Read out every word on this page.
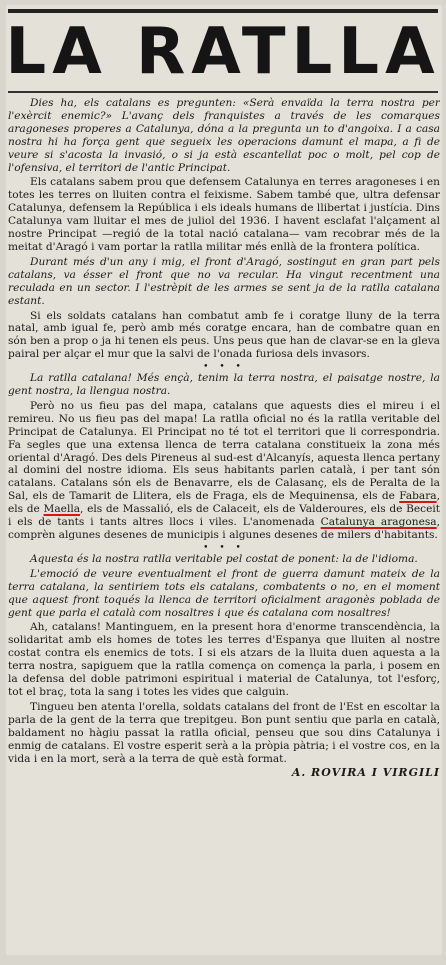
LA RATLLA

Dies ha, els catalans es pregunten: «Serà envaïda la terra nostra per l'exèrcit enemic?» L'avanç dels franquistes a través de les comarques aragoneses properes a Catalunya, dóna a la pregunta un to d'angoixa. I a casa nostra hi ha força gent que segueix les operacions damunt el mapa, a fi de veure si s'acosta la invasió, o si ja està escantellat poc o molt, pel cop de l'ofensiva, el territori de l'antic Principat.

Els catalans sabem prou que defensem Catalunya en terres aragoneses i en totes les terres on lluiten contra el feixisme. Sabem també que, ultra defensar Catalunya, defensem la República i els ideals humans de llibertat i justícia. Dins Catalunya vam lluitar el mes de juliol del 1936. I havent esclafat l'alçament al nostre Principat —regió de la total nació catalana— vam recobrar més de la meitat d'Aragó i vam portar la ratlla militar més enllà de la frontera política.

Durant més d'un any i mig, el front d'Aragó, sostingut en gran part pels catalans, va ésser el front que no va recular. Ha vingut recentment una reculada en un sector. I l'estrèpit de les armes se sent ja de la ratlla catalana estant.

Si els soldats catalans han combatut amb fe i coratge lluny de la terra natal, amb igual fe, però amb més coratge encara, han de combatre quan en són ben a prop o ja hi tenen els peus. Uns peus que han de clavar-se en la gleva pairal per alçar el mur que la salvi de l'onada furiosa dels invasors.

• • •

La ratlla catalana! Més ençà, tenim la terra nostra, el paisatge nostre, la gent nostra, la llengua nostra.

Però no us fieu pas del mapa, catalans que aquests dies el mireu i el remireu. No us fieu pas del mapa! La ratlla oficial no és la ratlla veritable del Principat de Catalunya. El Principat no té tot el territori que li correspondria. Fa segles que una extensa llenca de terra catalana constitueix la zona més oriental d'Aragó. Des dels Pireneus al sud-est d'Alcanyís, aquesta llenca pertany al domini del nostre idioma. Els seus habitants parlen català, i per tant són catalans. Catalans són els de Benavarre, els de Calasanç, els de Peralta de la Sal, els de Tamarit de Llitera, els de Fraga, els de Mequinensa, els de Fabara, els de Maella, els de Massalió, els de Calaceit, els de Valderoures, els de Beceit i els de tants i tants altres llocs i viles. L'anomenada Catalunya aragonesa, comprèn algunes desenes de municipis i algunes desenes de milers d'habitants.

• • •

Aquesta és la nostra ratlla veritable pel costat de ponent: la de l'idioma.

L'emoció de veure eventualment el front de guerra damunt mateix de la terra catalana, la sentiriem tots els catalans, combatents o no, en el moment que aquest front toqués la llenca de territori oficialment aragonès poblada de gent que parla el català com nosaltres i que és catalana com nosaltres!

Ah, catalans! Mantinguem, en la present hora d'enorme transcendència, la solidaritat amb els homes de totes les terres d'Espanya que lluiten al nostre costat contra els enemics de tots. I si els atzars de la lluita duen aquesta a la terra nostra, sapiguem que la ratlla comença on comença la parla, i posem en la defensa del doble patrimoni espiritual i material de Catalunya, tot l'esforç, tot el braç, tota la sang i totes les vides que calguin.

Tingueu ben atenta l'orella, soldats catalans del front de l'Est en escoltar la parla de la gent de la terra que trepitgeu. Bon punt sentiu que parla en català, baldament no hàgiu passat la ratlla oficial, penseu que sou dins Catalunya i enmig de catalans. El vostre esperit serà a la pròpia pàtria; i el vostre cos, en la vida i en la mort, serà a la terra de què està format.

A. ROVIRA I VIRGILI
